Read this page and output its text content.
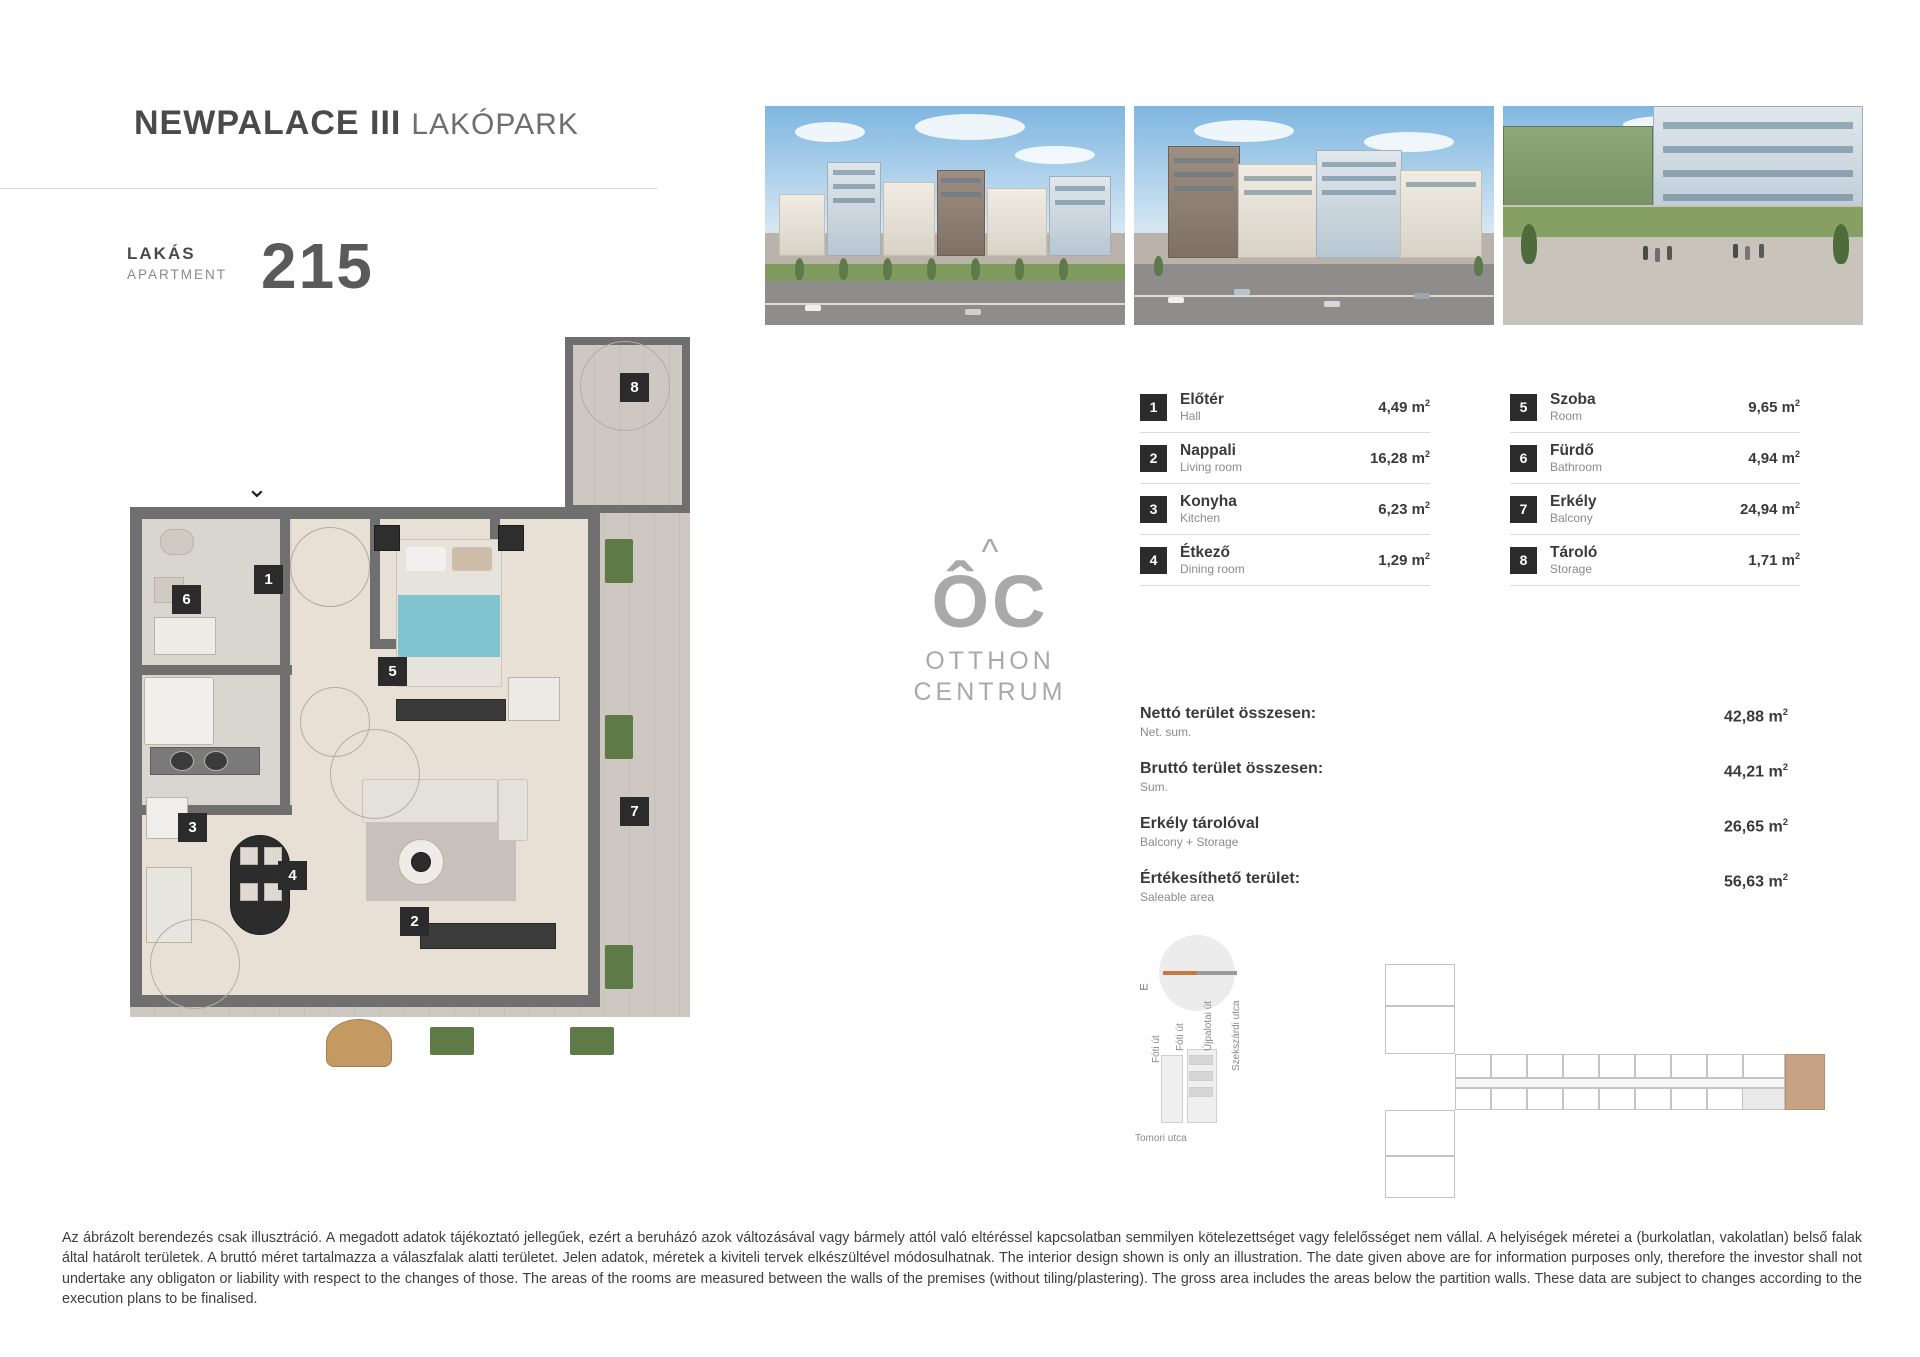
NEWPALACE III LAKÓPARK
LAKÁS
APARTMENT 215
⌄
8
1
6
5
3
7
4
2
1	Előtér
Hall
4,49 $m^2$
2	Nappali
Living room
16,28 $m^2$
3	Konyha
Kitchen
6,23 $m^2$
4	Étkező
Dining room
1,29 $m^2$
5	Szoba
Room
9,65 $m^2$
6	Fürdő
Bathroom
4,94 $m^2$
7	Erkély
Balcony
24,94 $m^2$
8	Tároló
Storage
1,71 $m^2$
^
ÔC
OTTHON
CENTRUM
Nettó terület összesen:
Net. sum.
42,88 $m^2$
Bruttó terület összesen:
Sum.
44,21 $m^2$
Erkély tárolóval
Balcony + Storage
26,65 $m^2$
Értékesíthető terület:
Saleable area
56,63 $m^2$
E
Tomori utca
Újpalotai út Szekszárdi utca
Fóti út
Fóti út
Az ábrázolt berendezés csak illusztráció. A megadott adatok tájékoztató jellegűek, ezért a beruházó azok változásával vagy bármely attól való eltéréssel kapcsolatban semmilyen kötelezettséget vagy felelősséget nem vállal. A helyiségek méretei a (burkolatlan, vakolatlan) belső falak által határolt területek. A bruttó méret tartalmazza a válaszfalak alatti területet. Jelen adatok, méretek a kiviteli tervek elkészültével módosulhatnak. The interior design shown is only an illustration. The date given above are for information purposes only, therefore the investor shall not undertake any obligaton or liability with respect to the changes of those. The areas of the rooms are measured between the walls of the premises (without tiling/plastering). The gross area includes the areas below the partition walls. These data are subject to changes according to the execution plans to be finalised.
